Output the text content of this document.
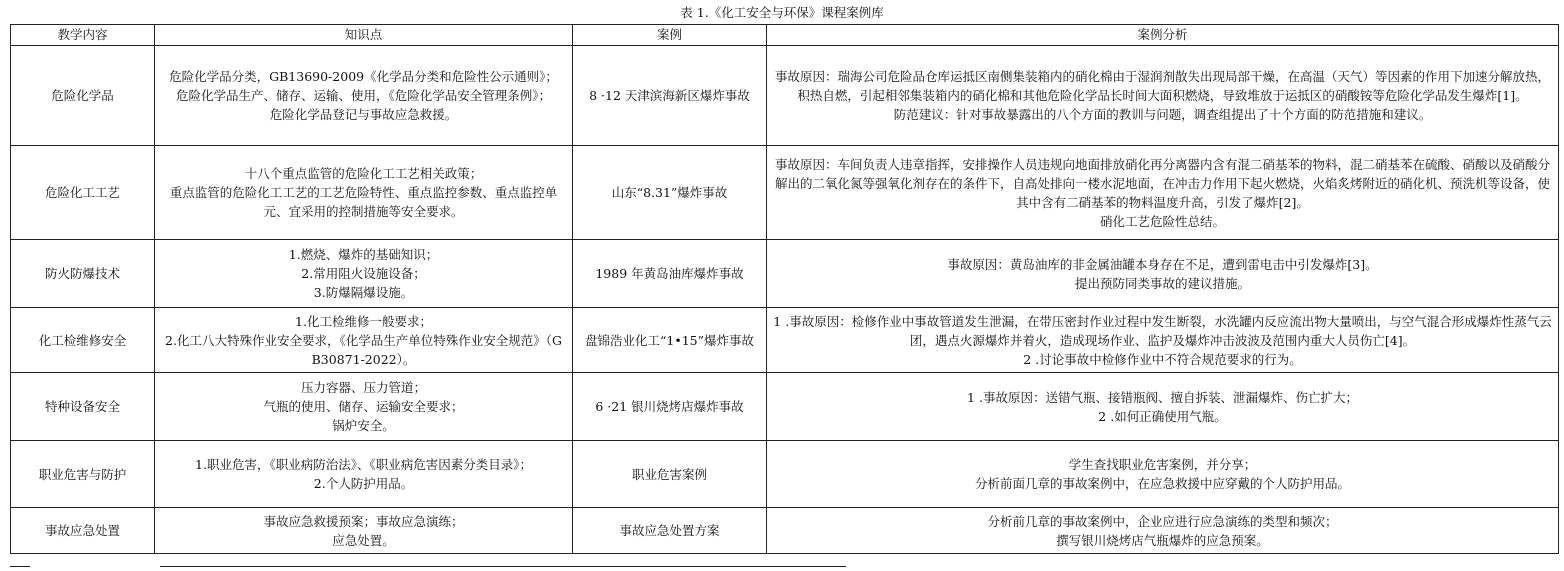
表 1.《化工安全与环保》课程案例库
教学内容	知识点	案例	案例分析
危险化学品	危险化学品分类，GB13690-2009《化学品分类和危险性公示通则》；
危险化学品生产、储存、运输、使用，《危险化学品安全管理条例》；
危险化学品登记与事故应急救援。	8 ·12 天津滨海新区爆炸事故	事故原因：瑞海公司危险品仓库运抵区南侧集装箱内的硝化棉由于湿润剂散失出现局部干燥，在高温（天气）等因素的作用下加速分解放热，积热自燃，引起相邻集装箱内的硝化棉和其他危险化学品长时间大面积燃烧，导致堆放于运抵区的硝酸铵等危险化学品发生爆炸[1]。
防范建议：针对事故暴露出的八个方面的教训与问题，调查组提出了十个方面的防范措施和建议。

危险化工工艺	十八个重点监管的危险化工工艺相关政策；
重点监管的危险化工工艺的工艺危险特性、重点监控参数、重点监控单元、宜采用的控制措施等安全要求。	山东“8.31”爆炸事故	事故原因：车间负责人违章指挥，安排操作人员违规向地面排放硝化再分离器内含有混二硝基苯的物料，混二硝基苯在硫酸、硝酸以及硝酸分解出的二氧化氮等强氧化剂存在的条件下，自高处排向一楼水泥地面，在冲击力作用下起火燃烧，火焰炙烤附近的硝化机、预洗机等设备，使其中含有二硝基苯的物料温度升高，引发了爆炸[2]。
硝化工艺危险性总结。

防火防爆技术	1.燃烧、爆炸的基础知识；
2.常用阻火设施设备；
3.防爆隔爆设施。	1989 年黄岛油库爆炸事故	事故原因：黄岛油库的非金属油罐本身存在不足，遭到雷电击中引发爆炸[3]。
提出预防同类事故的建议措施。

化工检维修安全	1.化工检维修一般要求；
2.化工八大特殊作业安全要求，《化学品生产单位特殊作业安全规范》（GB30871-2022）。	盘锦浩业化工“1•15”爆炸事故	1 .事故原因：检修作业中事故管道发生泄漏，在带压密封作业过程中发生断裂，水洗罐内反应流出物大量喷出，与空气混合形成爆炸性蒸气云团，遇点火源爆炸并着火，造成现场作业、监护及爆炸冲击波波及范围内重大人员伤亡[4]。
2 .讨论事故中检修作业中不符合规范要求的行为。

特种设备安全	压力容器、压力管道；
气瓶的使用、储存、运输安全要求；
锅炉安全。	6 ·21 银川烧烤店爆炸事故	1 .事故原因：送错气瓶、接错瓶阀、擅自拆装、泄漏爆炸、伤亡扩大；
2 .如何正确使用气瓶。

职业危害与防护	1.职业危害，《职业病防治法》、《职业病危害因素分类目录》；
2.个人防护用品。	职业危害案例	学生查找职业危害案例，并分享；
分析前面几章的事故案例中，在应急救援中应穿戴的个人防护用品。

事故应急处置	事故应急救援预案；事故应急演练；
应急处置。	事故应急处置方案	分析前几章的事故案例中，企业应进行应急演练的类型和频次；
撰写银川烧烤店气瓶爆炸的应急预案。
